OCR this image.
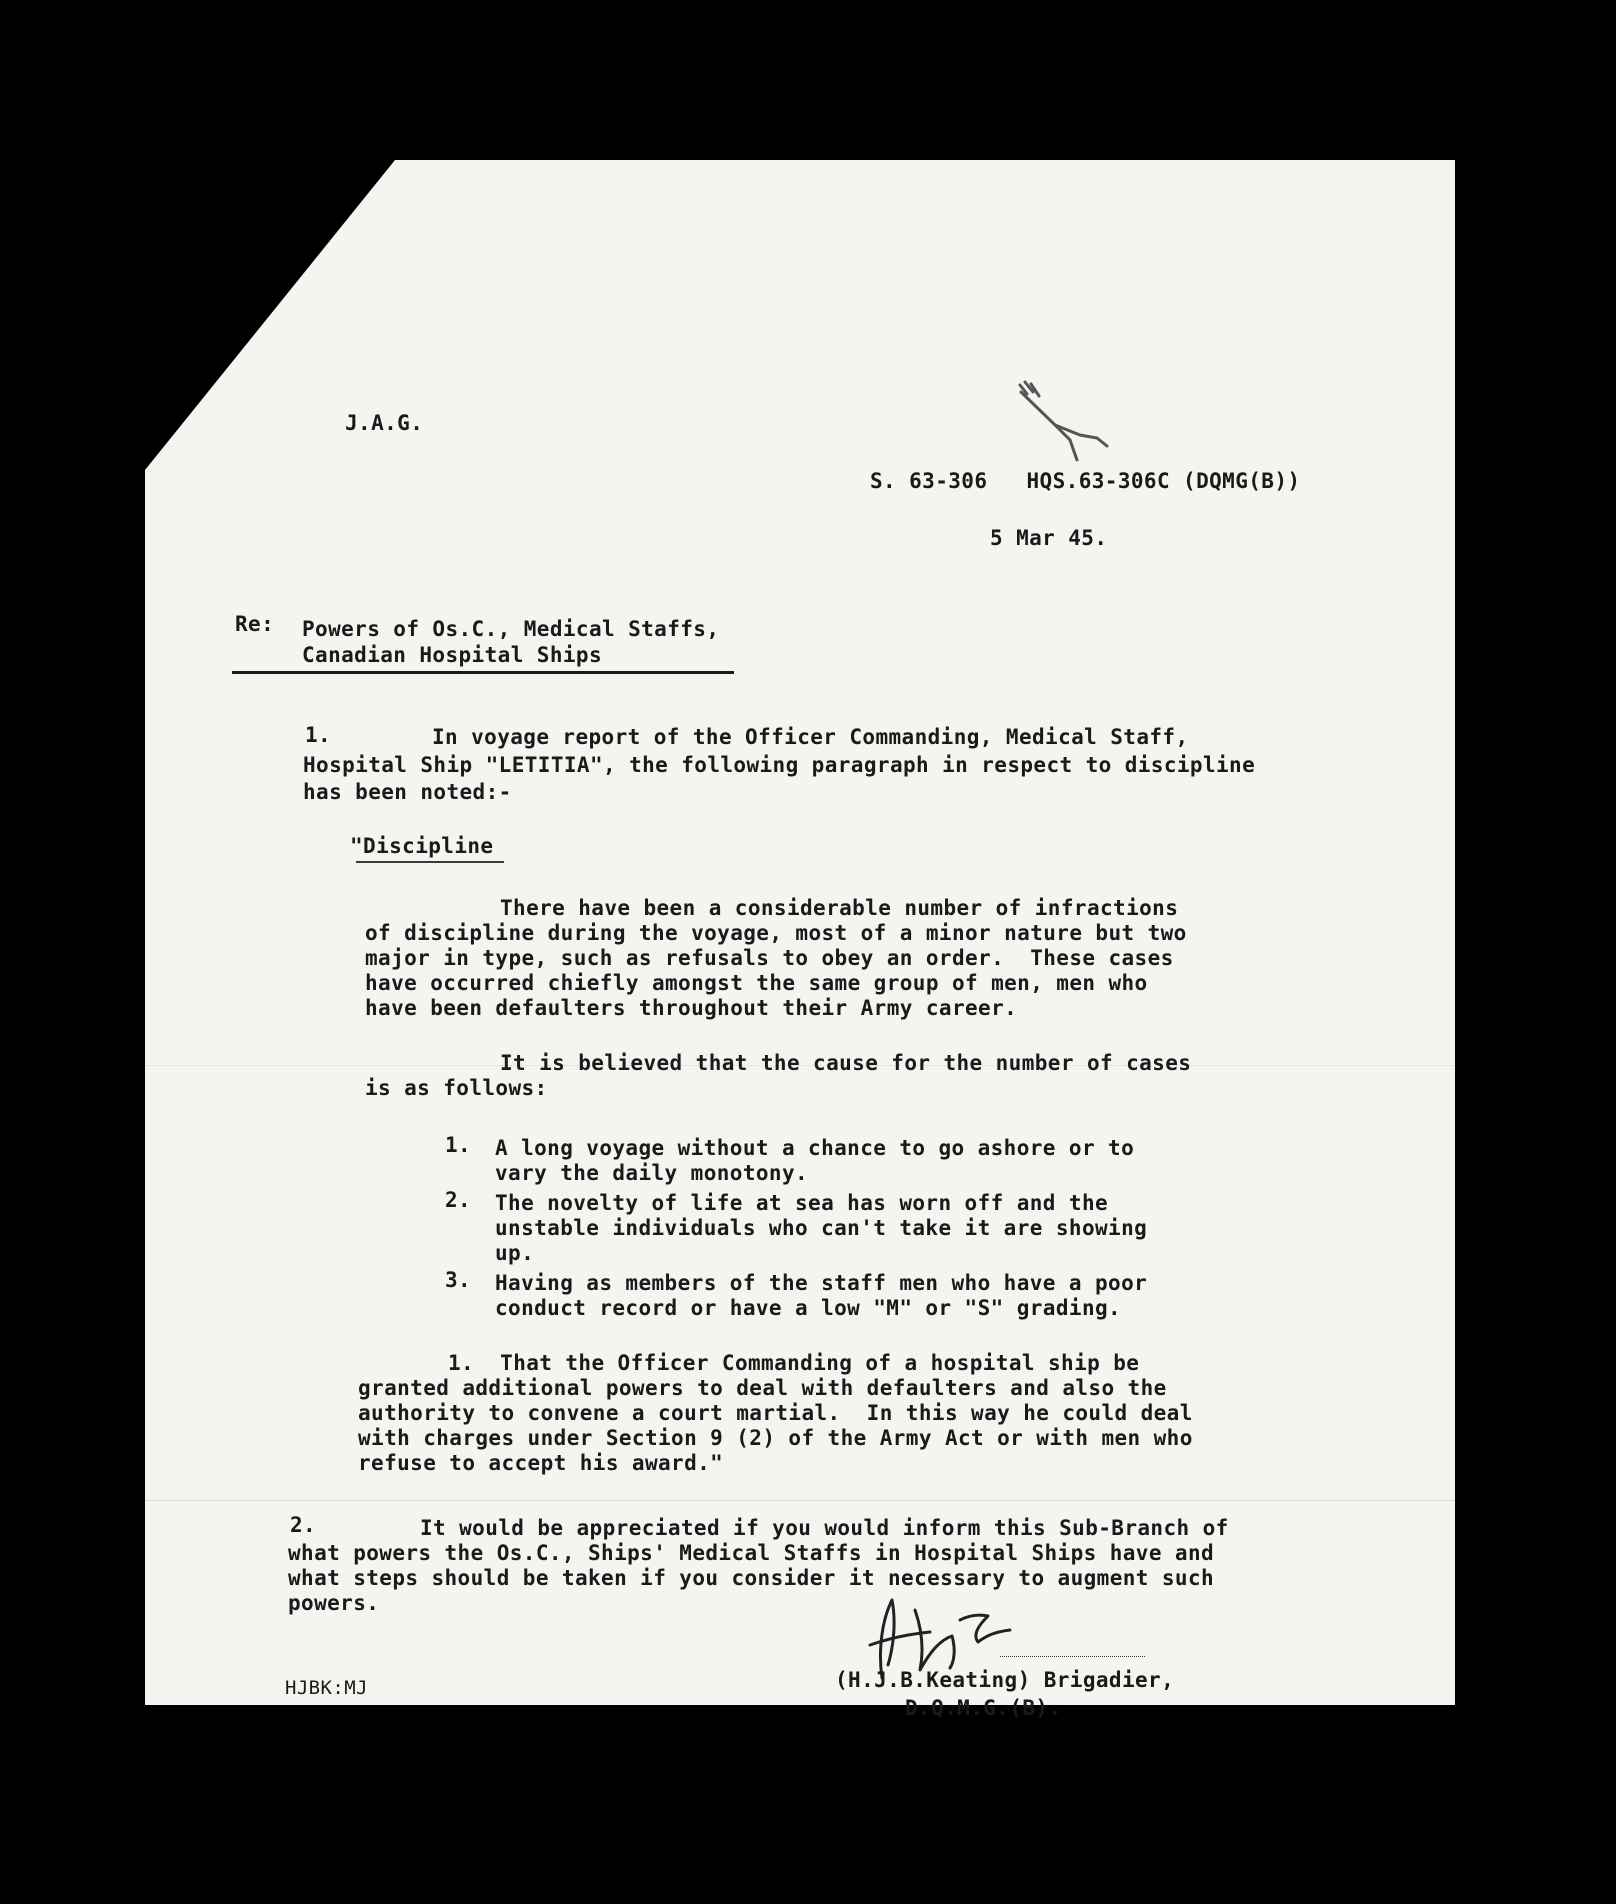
J.A.G.
S. 63-306   HQS.63-306C (DQMG(B))
5 Mar 45.
Re: Powers of Os.C., Medical Staffs,
Canadian Hospital Ships
1.	In voyage report of the Officer Commanding, Medical Staff,
Hospital Ship "LETITIA", the following paragraph in respect to discipline
has been noted:-
"Discipline
There have been a considerable number of infractions
of discipline during the voyage, most of a minor nature but two
major in type, such as refusals to obey an order.  These cases
have occurred chiefly amongst the same group of men, men who
have been defaulters throughout their Army career.
It is believed that the cause for the number of cases
is as follows:
1. A long voyage without a chance to go ashore or to
vary the daily monotony.
2. The novelty of life at sea has worn off and the
unstable individuals who can't take it are showing
up.
3. Having as members of the staff men who have a poor
conduct record or have a low "M" or "S" grading.
1.  That the Officer Commanding of a hospital ship be
granted additional powers to deal with defaulters and also the
authority to convene a court martial.  In this way he could deal
with charges under Section 9 (2) of the Army Act or with men who
refuse to accept his award."
2.	It would be appreciated if you would inform this Sub-Branch of
what powers the Os.C., Ships' Medical Staffs in Hospital Ships have and
what steps should be taken if you consider it necessary to augment such
powers.
HJBK:MJ	(H.J.B.Keating) Brigadier,
D.Q.M.G.(B).
